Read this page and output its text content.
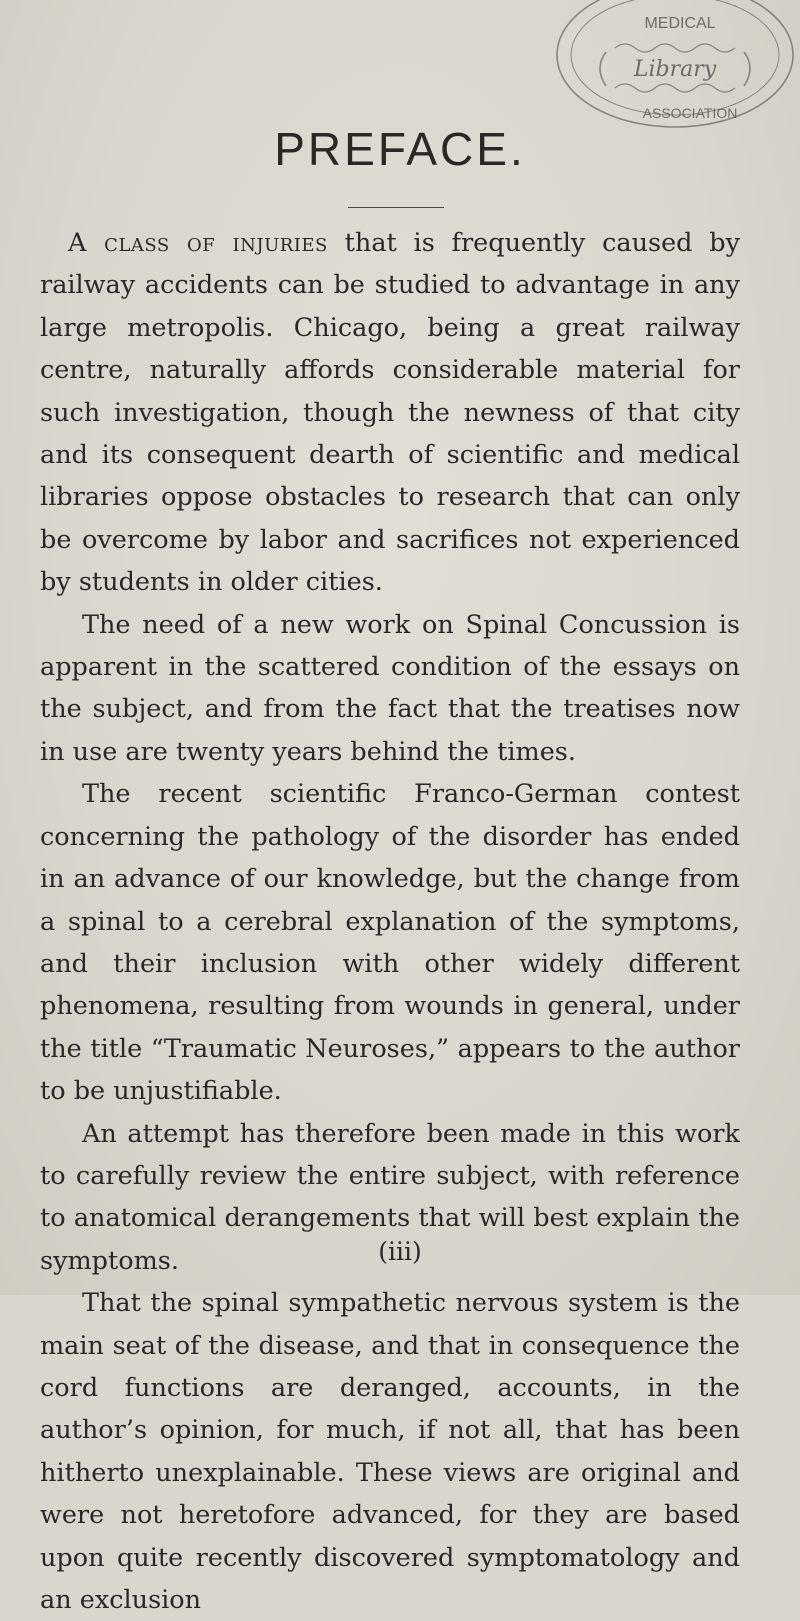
MEDICAL
Library
ASSOCIATION
PREFACE.

A class of injuries that is frequently caused by railway accidents can be studied to advantage in any large metropolis. Chicago, being a great railway centre, naturally affords considerable material for such investigation, though the newness of that city and its consequent dearth of scientific and medical libraries oppose obstacles to research that can only be overcome by labor and sacrifices not experienced by students in older cities.

The need of a new work on Spinal Concussion is apparent in the scattered condition of the essays on the subject, and from the fact that the treatises now in use are twenty years behind the times.

The recent scientific Franco-German contest concerning the pathology of the disorder has ended in an advance of our knowledge, but the change from a spinal to a cerebral explanation of the symptoms, and their inclusion with other widely different phenomena, resulting from wounds in general, under the title “Traumatic Neuroses,” appears to the author to be unjustifiable.

An attempt has therefore been made in this work to carefully review the entire subject, with reference to anatomical derangements that will best explain the symptoms.

That the spinal sympathetic nervous system is the main seat of the disease, and that in consequence the cord functions are deranged, accounts, in the author’s opinion, for much, if not all, that has been hitherto unexplainable. These views are original and were not heretofore advanced, for they are based upon quite recently discovered symptomatology and an exclusion

(iii)
